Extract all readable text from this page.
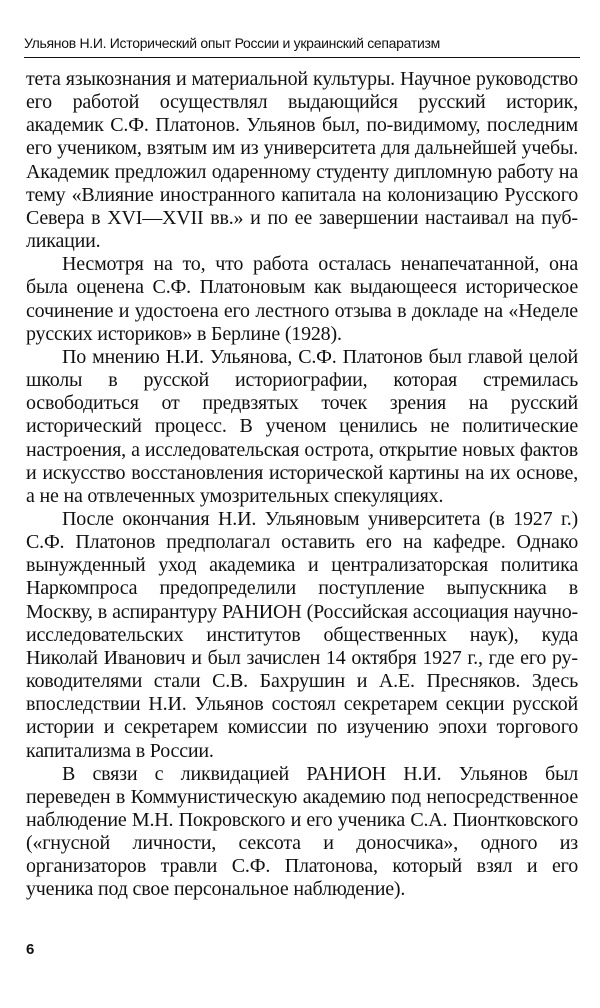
Ульянов Н.И. Исторический опыт России и украинский сепаратизм

тета языкознания и материальной культуры. Научное руководство его работой осуществлял выдающийся русский историк, академик С.Ф. Платонов. Ульянов был, по-видимому, последним его учеником, взятым им из университета для дальнейшей учебы. Академик предложил одаренному студенту дипломную работу на тему «Влияние иностранного капитала на колонизацию Русского Севера в XVI—XVII вв.» и по ее завершении настаивал на публикации.

Несмотря на то, что работа осталась ненапечатанной, она была оценена С.Ф. Платоновым как выдающееся историческое сочинение и удостоена его лестного отзыва в докладе на «Неделе русских историков» в Берлине (1928).

По мнению Н.И. Ульянова, С.Ф. Платонов был главой целой школы в русской историографии, которая стремилась освободиться от предвзятых точек зрения на русский исторический процесс. В ученом ценились не политические настроения, а исследовательская острота, открытие новых фактов и искусство восстановления исторической картины на их основе, а не на отвлеченных умозрительных спекуляциях.

После окончания Н.И. Ульяновым университета (в 1927 г.) С.Ф. Платонов предполагал оставить его на кафедре. Однако вынужденный уход академика и централизаторская политика Наркомпроса предопределили поступление выпускника в Москву, в аспирантуру РАНИОН (Российская ассоциация научно-исследовательских институтов общественных наук), куда Николай Иванович и был зачислен 14 октября 1927 г., где его руководителями стали С.В. Бахрушин и А.Е. Пресняков. Здесь впоследствии Н.И. Ульянов состоял секретарем секции русской истории и секретарем комиссии по изучению эпохи торгового капитализма в России.

В связи с ликвидацией РАНИОН Н.И. Ульянов был переведен в Коммунистическую академию под непосредственное наблюдение М.Н. Покровского и его ученика С.А. Пионтковского («гнусной личности, сексота и доносчика», одного из организаторов травли С.Ф. Платонова, который взял и его ученика под свое персональное наблюдение).

6
